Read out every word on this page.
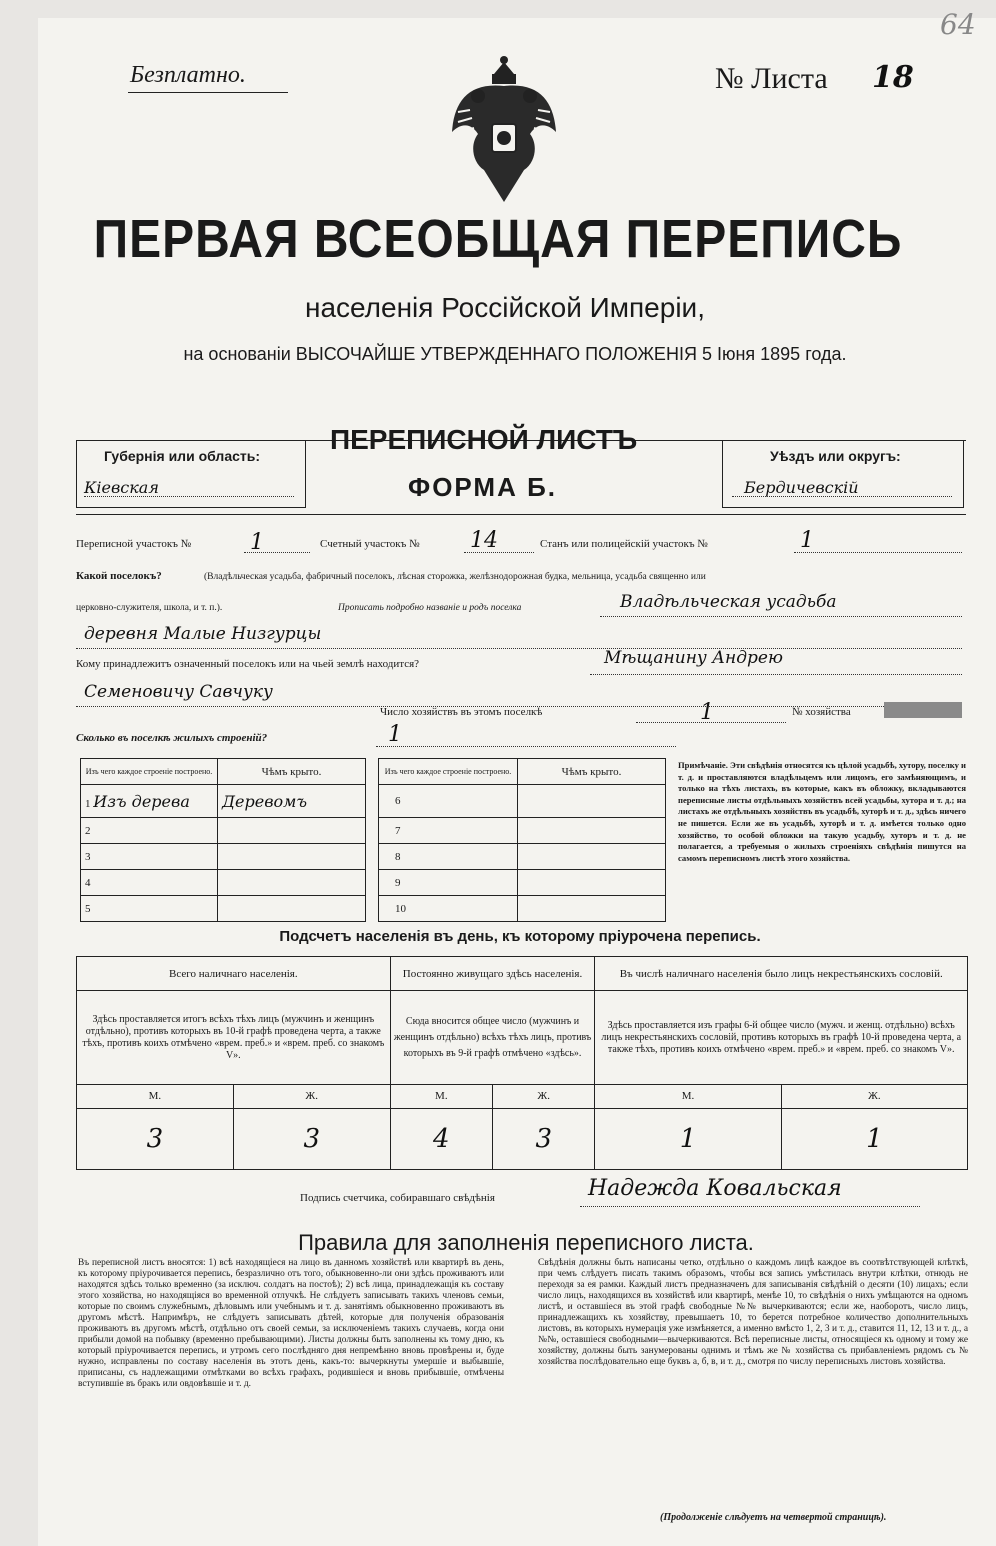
Безплатно.	№ Листа 18
64
ПЕРВАЯ ВСЕОБЩАЯ ПЕРЕПИСЬ
населенія Россійской Имперіи,
на основаніи ВЫСОЧАЙШЕ УТВЕРЖДЕННАГО ПОЛОЖЕНІЯ 5 Іюня 1895 года.
Губернія или область:
Кіевская
ПЕРЕПИСНОЙ ЛИСТЪ
ФОРМА Б.
Уѣздъ или округъ:
Бердичевскій
Переписной участокъ №	1	Счетный участокъ № 14	Станъ или полицейскій участокъ №	1
Какой поселокъ?	(Владѣльческая усадьба, фабричный поселокъ, лѣсная сторожка, желѣзнодорожная будка, мельница, усадьба священно или
церковно-служителя, школа, и т. п.).	Прописать подробно названіе и родъ поселка	Владѣльческая усадьба
деревня Малые Низгурцы
Кому принадлежитъ означенный поселокъ или на чьей землѣ находится?	Мѣщанину Андрею
Семеновичу Савчуку
Число хозяйствъ въ этомъ поселкѣ	1	№ хозяйства
Сколько въ поселкѣ жилыхъ строеній?	1
Изъ чего каждое строеніе построено.	Чѣмъ крыто.
1 Изъ дерева	Деревомъ
2	
3	
4	
5	
Изъ чего каждое строеніе построено.	Чѣмъ крыто.
6	
7	
8	
9	
10	
Примѣчаніе. Эти свѣдѣнія относятся къ цѣлой усадьбѣ, хутору, поселку и т. д. и проставляются владѣльцемъ или лицомъ, его замѣняющимъ, и только на тѣхъ листахъ, въ которые, какъ въ обложку, вкладываются переписные листы отдѣльныхъ хозяйствъ всей усадьбы, хутора и т. д.; на листахъ же отдѣльныхъ хозяйствъ въ усадьбѣ, хуторѣ и т. д., здѣсь ничего не пишется. Если же въ усадьбѣ, хуторѣ и т. д. имѣется только одно хозяйство, то особой обложки на такую усадьбу, хуторъ и т. д. не полагается, а требуемыя о жилыхъ строеніяхъ свѣдѣнія пишутся на самомъ переписномъ листѣ этого хозяйства.
Подсчетъ населенія въ день, къ которому пріурочена перепись.
Всего наличнаго населенія.		Постоянно живущаго здѣсь населенія.		Въ числѣ наличнаго населенія было лицъ некрестьянскихъ сословій.	
Здѣсь проставляется итогъ всѣхъ тѣхъ лицъ (мужчинъ и женщинъ отдѣльно), противъ которыхъ въ 10-й графѣ проведена черта, а также тѣхъ, противъ коихъ отмѣчено «врем. преб.» и «врем. преб. со знакомъ V».		Сюда вносится общее число (мужчинъ и женщинъ отдѣльно) всѣхъ тѣхъ лицъ, противъ которыхъ въ 9-й графѣ отмѣчено «здѣсь».		Здѣсь проставляется изъ графы 6-й общее число (мужч. и женщ. отдѣльно) всѣхъ лицъ некрестьянскихъ сословій, противъ которыхъ въ графѣ 10-й проведена черта, а также тѣхъ, противъ коихъ отмѣчено «врем. преб.» и «врем. преб. со знакомъ V».	
М.	Ж.	М.	Ж.	М.	Ж.
3	3	4	3	1	1
Подпись счетчика, собиравшаго свѣдѣнія	Надежда Ковальская
Правила для заполненія переписного листа.
Въ переписной листъ вносятся: 1) всѣ находящіеся на лицо въ данномъ хозяйствѣ или квартирѣ въ день, къ которому пріурочивается перепись, безразлично отъ того, обыкновенно-ли они здѣсь проживаютъ или находятся здѣсь только временно (за исключ. солдатъ на постоѣ); 2) всѣ лица, принадлежащія къ составу этого хозяйства, но находящіяся во временной отлучкѣ. Не слѣдуетъ записывать такихъ членовъ семьи, которые по своимъ служебнымъ, дѣловымъ или учебнымъ и т. д. занятіямъ обыкновенно проживаютъ въ другомъ мѣстѣ. Напримѣръ, не слѣдуетъ записывать дѣтей, которые для полученія образованія проживаютъ въ другомъ мѣстѣ, отдѣльно отъ своей семьи, за исключеніемъ такихъ случаевъ, когда они прибыли домой на побывку (временно пребывающими). Листы должны быть заполнены къ тому дню, къ который пріурочивается перепись, и утромъ сего послѣдняго дня непремѣнно вновь провѣрены и, буде нужно, исправлены по составу населенія въ этотъ день, какъ-то: вычеркнуты умершіе и выбывшіе, приписаны, съ надлежащими отмѣтками во всѣхъ графахъ, родившіеся и вновь прибывшіе, отмѣчены вступившіе въ бракъ или овдовѣвшіе и т. д.
Свѣдѣнія должны быть написаны четко, отдѣльно о каждомъ лицѣ каждое въ соотвѣтствующей клѣткѣ, при чемъ слѣдуетъ писать такимъ образомъ, чтобы вся запись умѣстилась внутри клѣтки, отнюдь не переходя за ея рамки. Каждый листъ предназначенъ для записыванія свѣдѣній о десяти (10) лицахъ; если число лицъ, находящихся въ хозяйствѣ или квартирѣ, менѣе 10, то свѣдѣнія о нихъ умѣщаются на одномъ листѣ, и оставшіеся въ этой графѣ свободные №№ вычеркиваются; если же, наоборотъ, число лицъ, принадлежащихъ къ хозяйству, превышаетъ 10, то берется потребное количество дополнительныхъ листовъ, въ которыхъ нумерація уже измѣняется, а именно вмѣсто 1, 2, 3 и т. д., ставится 11, 12, 13 и т. д., а №№, оставшіеся свободными—вычеркиваются. Всѣ переписные листы, относящіеся къ одному и тому же хозяйству, должны быть занумерованы однимъ и тѣмъ же № хозяйства съ прибавленіемъ рядомъ съ № хозяйства послѣдовательно еще буквъ а, б, в, и т. д., смотря по числу переписныхъ листовъ хозяйства.
(Продолженіе слѣдуетъ на четвертой страницѣ).
